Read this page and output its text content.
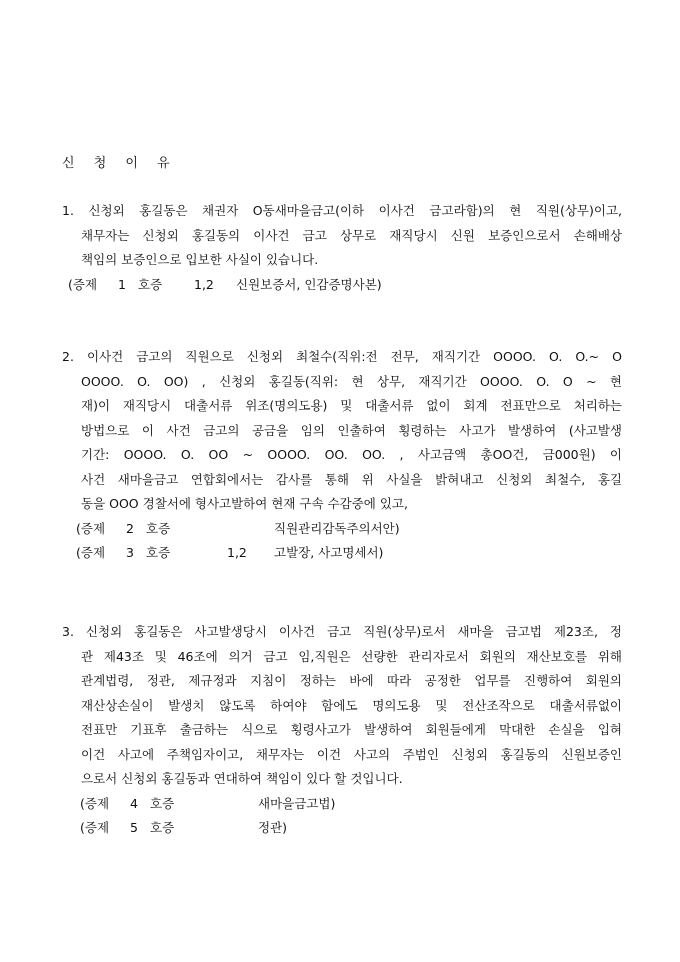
신 청 이 유
1. 신청외 홍길동은 채권자 O동새마을금고(이하 이사건 금고라함)의 현 직원(상무)이고,
채무자는 신청외 홍길동의 이사건 금고 상무로 재직당시 신원 보증인으로서 손해배상
책임의 보증인으로 입보한 사실이 있습니다.
(증제 1 호증	1,2 신원보증서, 인감증명사본)
2. 이사건 금고의 직원으로 신청외 최철수(직위:전 전무, 재직기간 OOOO. O. O.~ O
OOOO. O. OO) , 신청외 홍길동(직위: 현 상무, 재직기간 OOOO. O. O ~ 현
재)이 재직당시 대출서류 위조(명의도용) 및 대출서류 없이 회계 전표만으로 처리하는
방법으로 이 사건 금고의 공금을 임의 인출하여 횡령하는 사고가 발생하여 (사고발생
기간: OOOO. O. OO ~ OOOO. OO. OO. , 사고금액 총OO건, 금000원) 이
사건 새마을금고 연합회에서는 감사를 통해 위 사실을 밝혀내고 신청외 최철수, 홍길
동을 OOO 경찰서에 형사고발하여 현재 구속 수감중에 있고,
(증제 2 호증	직원관리감독주의서안)
(증제 3 호증	1,2 고발장, 사고명세서)
3. 신청외 홍길동은 사고발생당시 이사건 금고 직원(상무)로서 새마을 금고법 제23조, 정
관 제43조 및 46조에 의거 금고 임,직원은 선량한 관리자로서 회원의 재산보호를 위해
관계법령, 정관, 제규정과 지침이 정하는 바에 따라 공정한 업무를 진행하여 회원의
재산상손실이 발생치 않도록 하여야 함에도 명의도용 및 전산조작으로 대출서류없이
전표만 기표후 출금하는 식으로 횡령사고가 발생하여 회원들에게 막대한 손실을 입혀
이건 사고에 주책임자이고, 채무자는 이건 사고의 주범인 신청외 홍길동의 신원보증인
으로서 신청외 홍길동과 연대하여 책임이 있다 할 것입니다.
(증제 4 호증	새마을금고법)
(증제 5 호증	정관)
